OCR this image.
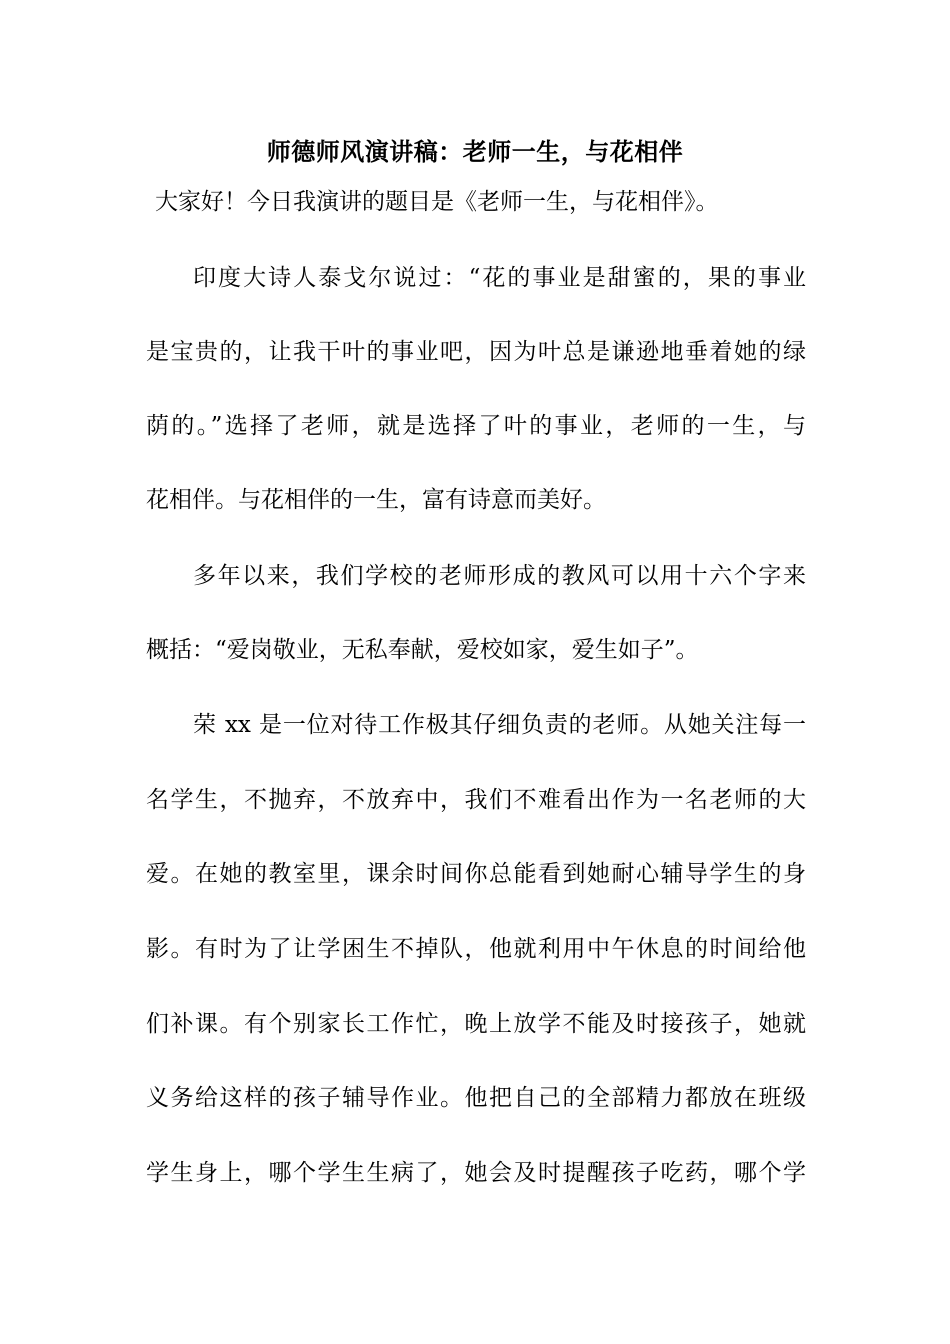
师德师风演讲稿：老师一生，与花相伴
大家好！今日我演讲的题目是《老师一生，与花相伴》。
印度大诗人泰戈尔说过：“花的事业是甜蜜的，果的事业
是宝贵的，让我干叶的事业吧，因为叶总是谦逊地垂着她的绿
荫的。”选择了老师，就是选择了叶的事业，老师的一生，与
花相伴。与花相伴的一生，富有诗意而美好。
多年以来，我们学校的老师形成的教风可以用十六个字来
概括：“爱岗敬业，无私奉献，爱校如家，爱生如子”。
荣 xx 是一位对待工作极其仔细负责的老师。从她关注每一
名学生，不抛弃，不放弃中，我们不难看出作为一名老师的大
爱。在她的教室里，课余时间你总能看到她耐心辅导学生的身
影。有时为了让学困生不掉队，他就利用中午休息的时间给他
们补课。有个别家长工作忙，晚上放学不能及时接孩子，她就
义务给这样的孩子辅导作业。他把自己的全部精力都放在班级
学生身上，哪个学生生病了，她会及时提醒孩子吃药，哪个学
